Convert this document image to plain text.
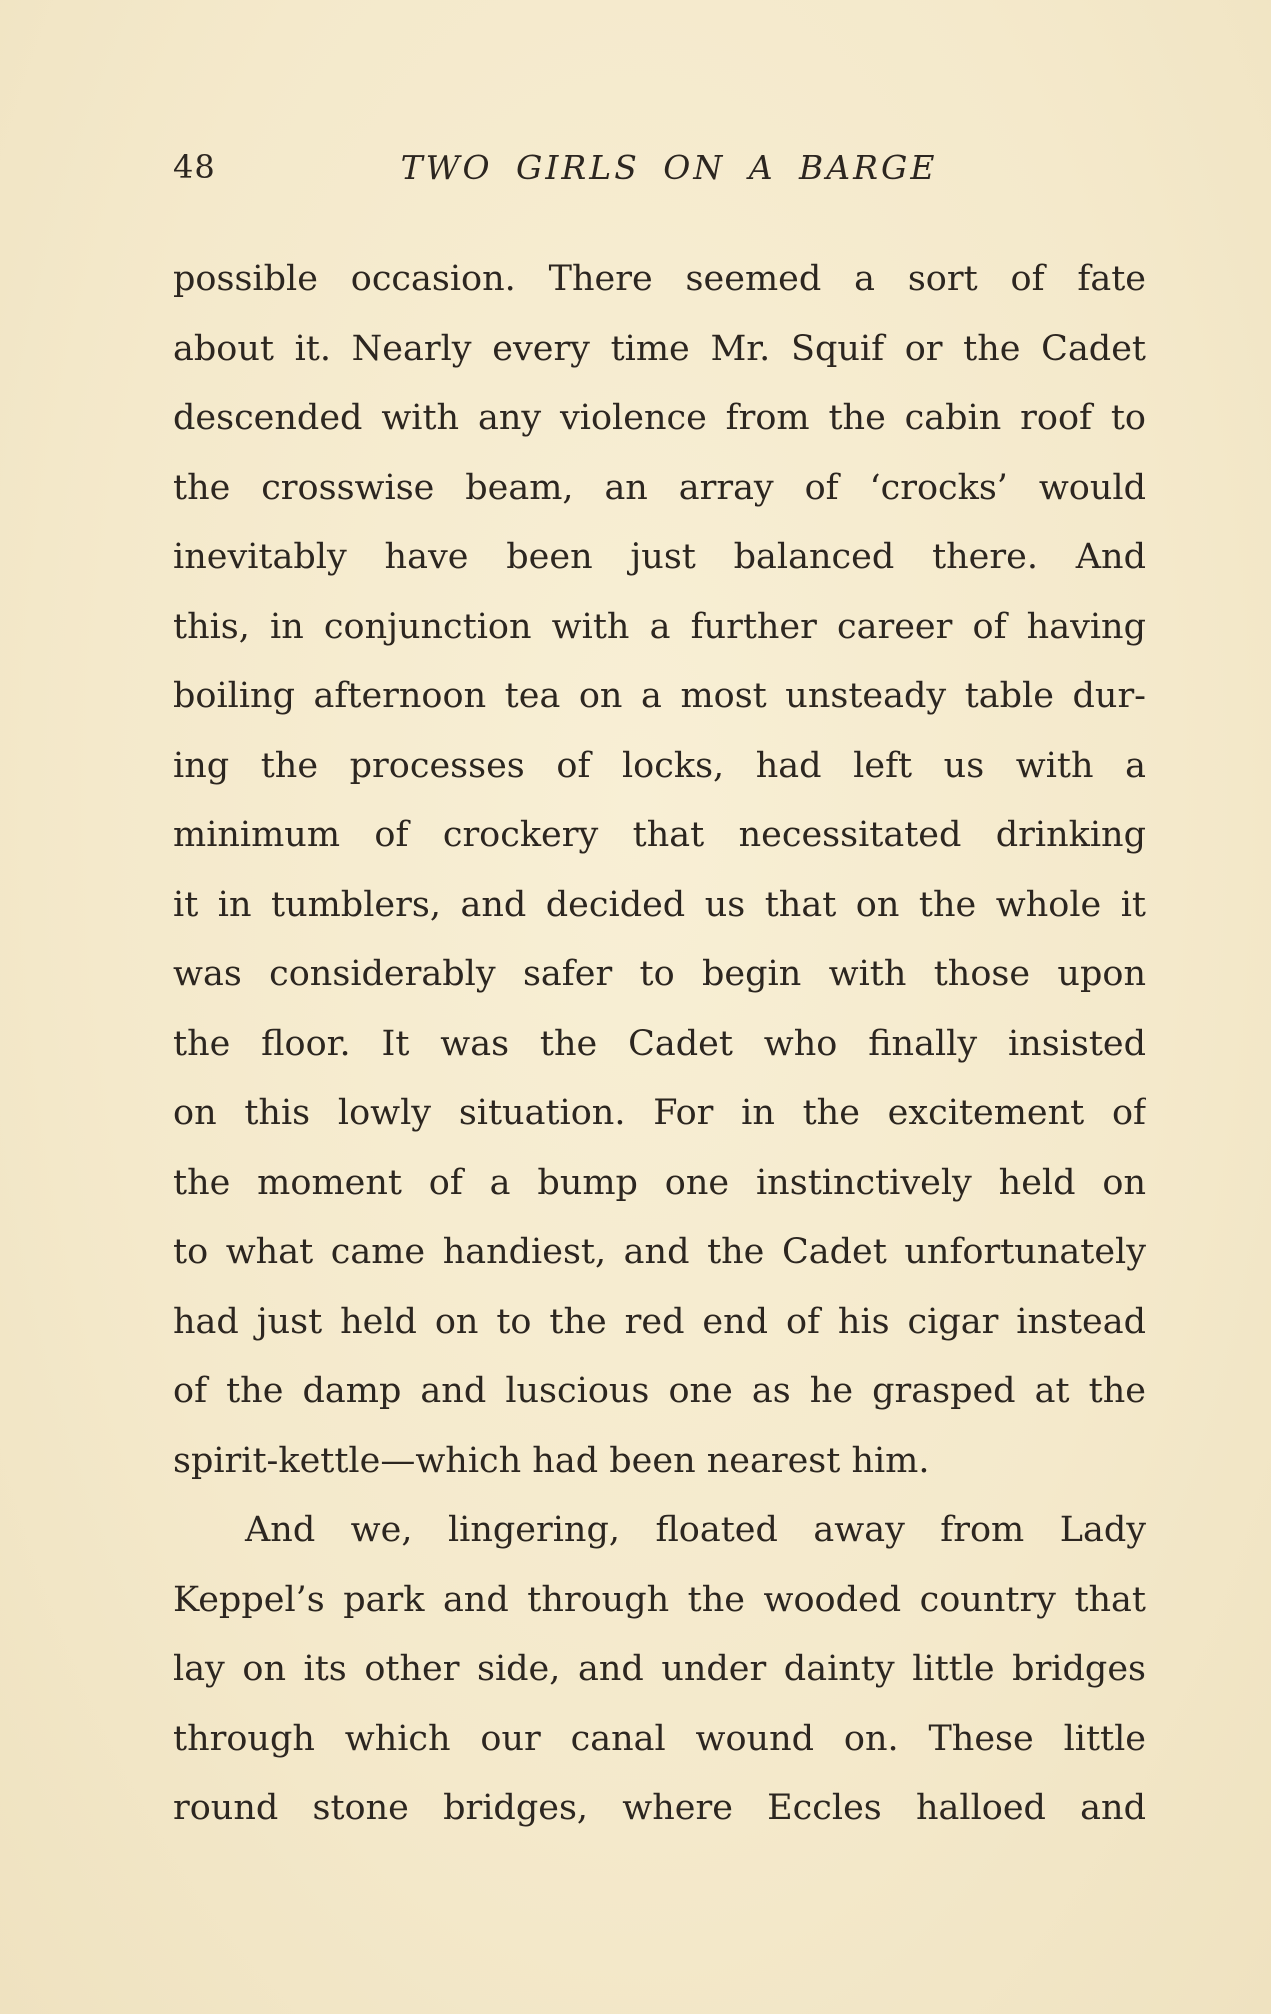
48	TWO GIRLS ON A BARGE
possible occasion. There seemed a sort of fate
about it. Nearly every time Mr. Squif or the Cadet
descended with any violence from the cabin roof to
the crosswise beam, an array of ‘crocks’ would
inevitably have been just balanced there. And
this, in conjunction with a further career of having
boiling afternoon tea on a most unsteady table dur-
ing the processes of locks, had left us with a
minimum of crockery that necessitated drinking
it in tumblers, and decided us that on the whole it
was considerably safer to begin with those upon
the floor. It was the Cadet who finally insisted
on this lowly situation. For in the excitement of
the moment of a bump one instinctively held on
to what came handiest, and the Cadet unfortunately
had just held on to the red end of his cigar instead
of the damp and luscious one as he grasped at the
spirit-kettle—which had been nearest him.
And we, lingering, floated away from Lady
Keppel’s park and through the wooded country that
lay on its other side, and under dainty little bridges
through which our canal wound on. These little
round stone bridges, where Eccles halloed and
